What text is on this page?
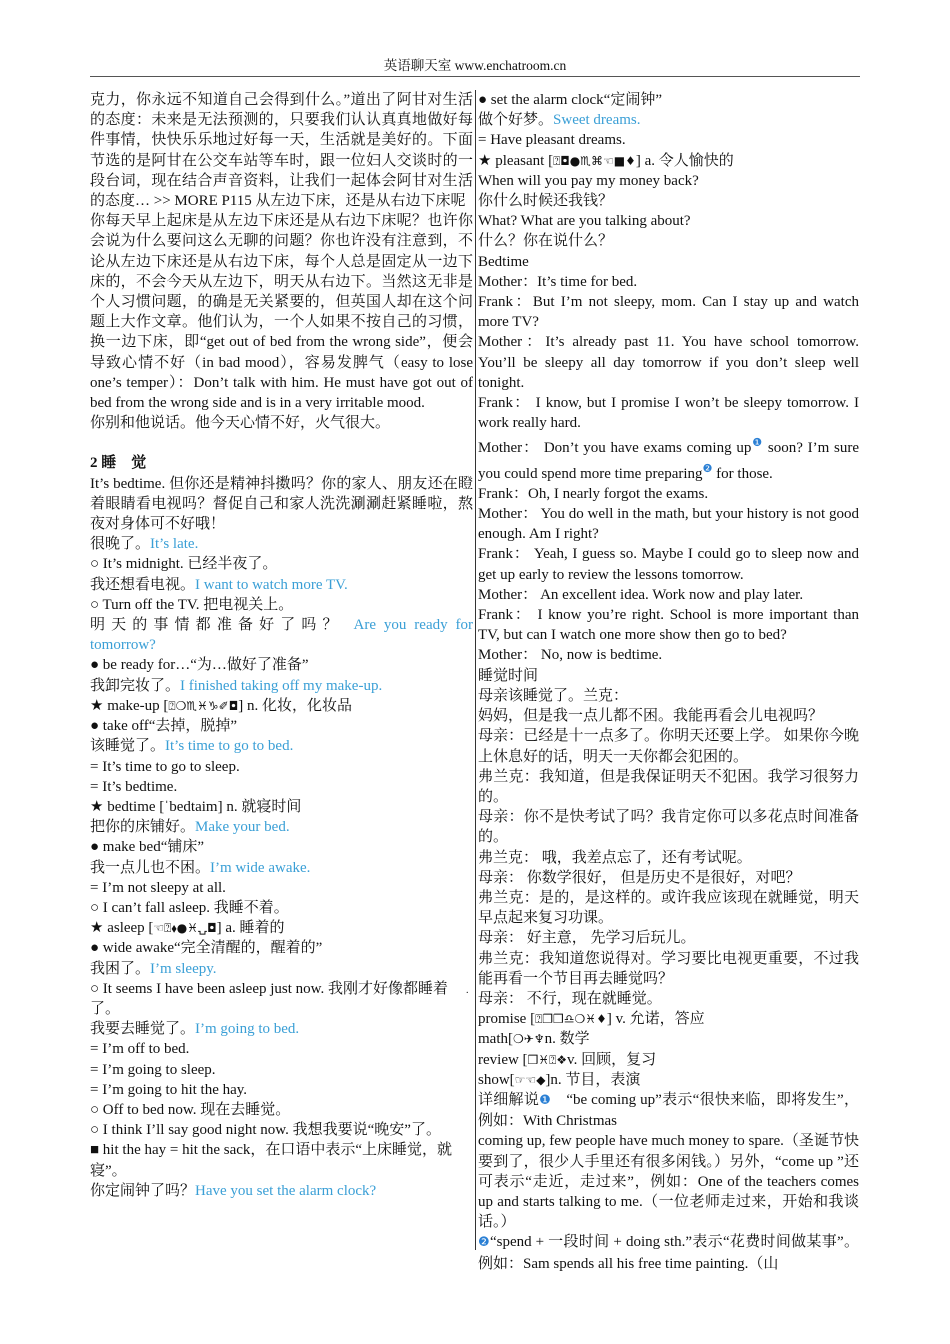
英语聊天室 www.enchatroom.cn
.

克力，你永远不知道自己会得到什么。”道出了阿甘对生活的态度：未来是无法预测的，只要我们认认真真地做好每件事情，快快乐乐地过好每一天，生活就是美好的。下面节选的是阿甘在公交车站等车时，跟一位妇人交谈时的一段台词，现在结合声音资料，让我们一起体会阿甘对生活的态度… >> MORE P115 从左边下床，还是从右边下床呢

你每天早上起床是从左边下床还是从右边下床呢？也许你会说为什么要问这么无聊的问题？你也许没有注意到，不论从左边下床还是从右边下床，每个人总是固定从一边下床的，不会今天从左边下，明天从右边下。当然这无非是个人习惯问题，的确是无关紧要的，但英国人却在这个问题上大作文章。他们认为，一个人如果不按自己的习惯，换一边下床，即“get out of bed from the wrong side”，便会导致心情不好（in bad mood），容易发脾气（easy to lose one’s temper）：Don’t talk with him. He must have got out of bed from the wrong side and is in a very irritable mood.

你别和他说话。他今天心情不好，火气很大。

2 睡　觉

It’s bedtime. 但你还是精神抖擞吗？你的家人、朋友还在瞪着眼睛看电视吗？督促自己和家人洗洗涮涮赶紧睡啦，熬夜对身体可不好哦！

很晚了。It’s late.

○ It’s midnight. 已经半夜了。

我还想看电视。I want to watch more TV.

○ Turn off the TV. 把电视关上。

明天的事情都准备好了吗？ Are you ready for tomorrow?

● be ready for…“为…做好了准备”

我卸完妆了。I finished taking off my make-up.

★ make-up [⍰❍♏♓♑✐◘] n. 化妆，化妆品

● take off“去掉，脱掉”

该睡觉了。It’s time to go to bed.

= It’s time to go to sleep.

= It’s bedtime.

★ bedtime [ˈbedtaim] n. 就寝时间

把你的床铺好。Make your bed.

● make bed“铺床”

我一点儿也不困。I’m wide awake.

= I’m not sleepy at all.

○ I can’t fall asleep. 我睡不着。

★ asleep [☜⍰⬧●♓⍽◘] a. 睡着的

● wide awake“完全清醒的，醒着的”

我困了。I’m sleepy.

○ It seems I have been asleep just now. 我刚才好像都睡着了。

我要去睡觉了。I’m going to bed.

= I’m off to bed.

= I’m going to sleep.

= I’m going to hit the hay.

○ Off to bed now. 现在去睡觉。

○ I think I’ll say good night now. 我想我要说“晚安”了。

■ hit the hay = hit the sack，在口语中表示“上床睡觉，就寝”。

你定闹钟了吗？Have you set the alarm clock?

● set the alarm clock“定闹钟”

做个好梦。Sweet dreams.

= Have pleasant dreams.

★ pleasant [⍰◘●♏⌘☜■♦] a. 令人愉快的

When will you pay my money back?

你什么时候还我钱？

What? What are you talking about?

什么？你在说什么？

Bedtime

Mother：It’s time for bed.

Frank：But I’m not sleepy, mom. Can I stay up and watch more TV?

Mother：It’s already past 11. You have school tomorrow. You’ll be sleepy all day tomorrow if you don’t sleep well tonight.

Frank： I know, but I promise I won’t be sleepy tomorrow. I work really hard.

Mother： Don’t you have exams coming $up^❶$ soon? I’m sure you could spend more time preparing$^❷$ for those.

Frank：Oh, I nearly forgot the exams.

Mother： You do well in the math, but your history is not good enough. Am I right?

Frank： Yeah, I guess so. Maybe I could go to sleep now and get up early to review the lessons tomorrow.

Mother： An excellent idea. Work now and play later.

Frank： I know you’re right. School is more important than TV, but can I watch one more show then go to bed?

Mother： No, now is bedtime.

睡觉时间

母亲该睡觉了。兰克：

妈妈，但是我一点儿都不困。我能再看会儿电视吗？

母亲：已经是十一点多了。你明天还要上学。 如果你今晚上休息好的话，明天一天你都会犯困的。

弗兰克：我知道，但是我保证明天不犯困。我学习很努力的。

母亲：你不是快考试了吗？我肯定你可以多花点时间准备的。

弗兰克： 哦，我差点忘了，还有考试呢。

母亲： 你数学很好， 但是历史不是很好，对吧？

弗兰克：是的，是这样的。或许我应该现在就睡觉，明天早点起来复习功课。

母亲： 好主意， 先学习后玩儿。

弗兰克：我知道您说得对。学习要比电视更重要，不过我能再看一个节目再去睡觉吗？

母亲： 不行，现在就睡觉。

promise [⍰❐❒♎❍♓♦] v. 允诺，答应

math[❍✈♆n. 数学

review [❒♓⍰❖v. 回顾，复习

show[☞☜◆]n. 节目，表演

详细解说❶　“be coming up”表示“很快来临，即将发生”， 例如：With Christmas

coming up, few people have much money to spare.（圣诞节快要到了，很少人手里还有很多闲钱。）另外，“come up ”还可表示“走近，走过来”，例如：One of the teachers comes up and starts talking to me.（一位老师走过来，开始和我谈话。）

❷“spend + 一段时间 + doing sth.”表示“花费时间做某事”。例如：Sam spends all his free time painting.（山
